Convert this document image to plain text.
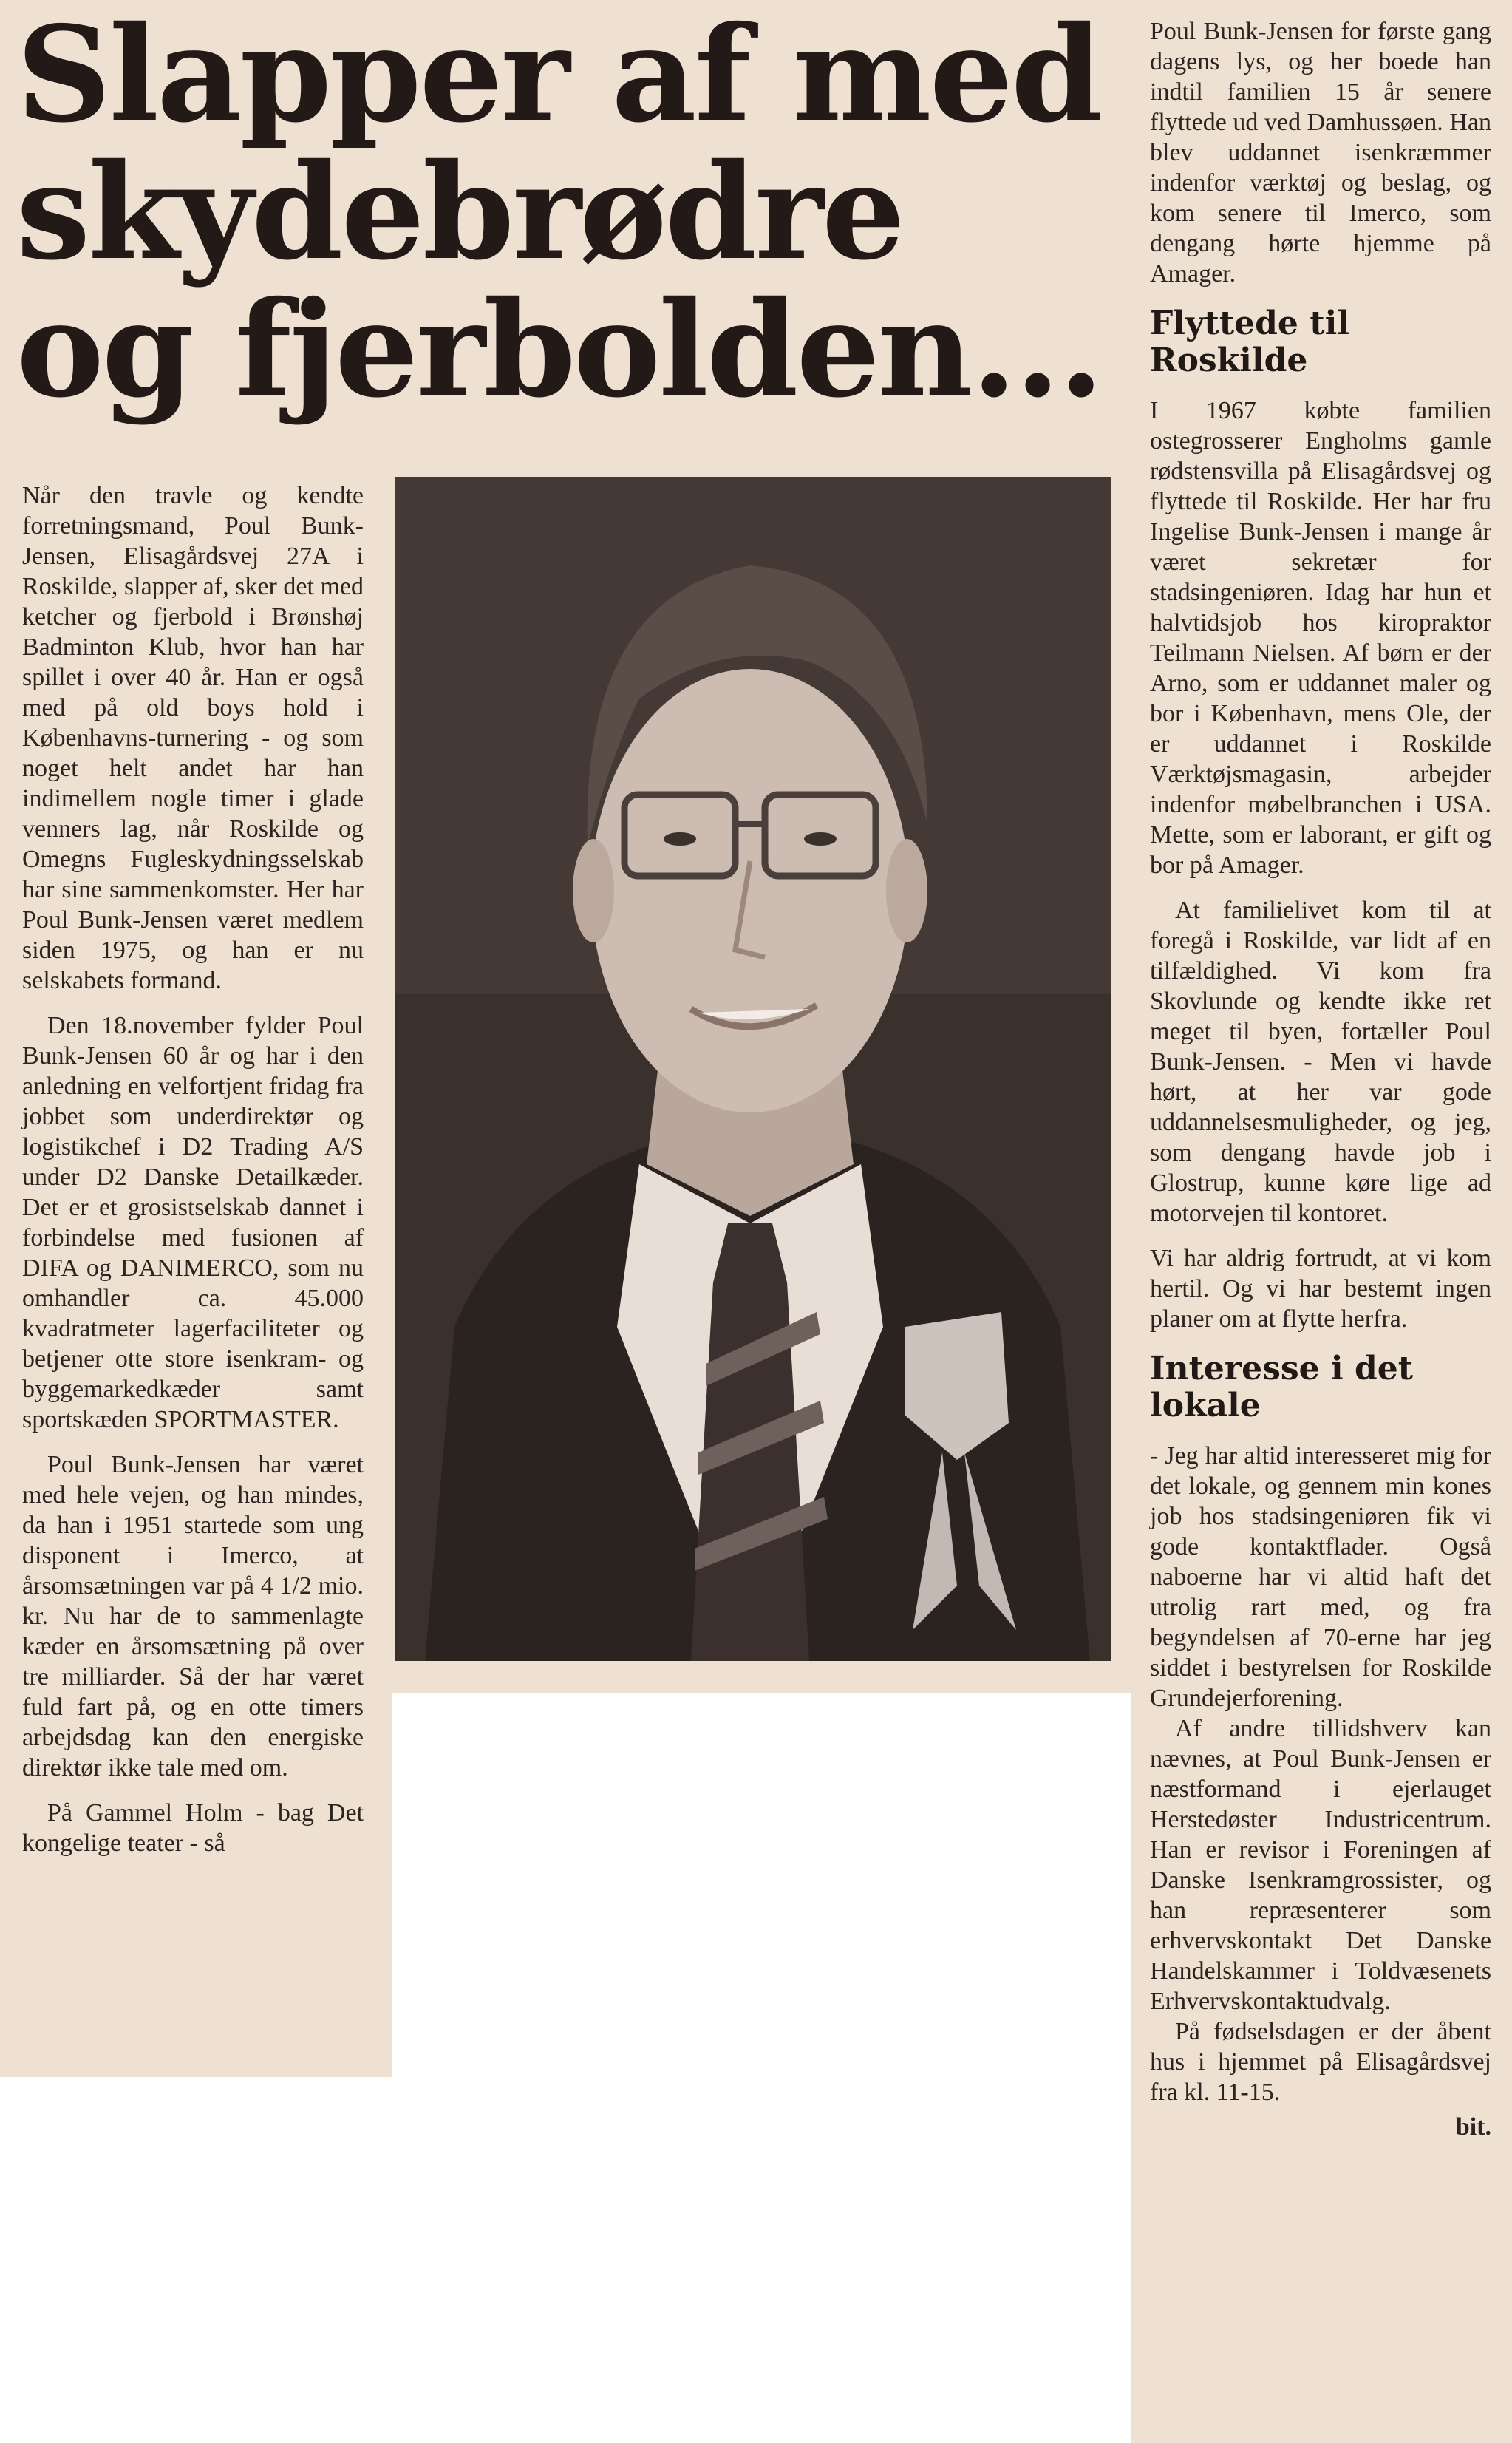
Slapper af med
skydebrødre
og fjerbolden...

Når den travle og kendte forretningsmand, Poul Bunk-Jensen, Elisagårdsvej 27A i Roskilde, slapper af, sker det med ketcher og fjerbold i Brønshøj Badminton Klub, hvor han har spillet i over 40 år. Han er også med på old boys hold i Københavns-turnering - og som noget helt andet har han indimellem nogle timer i glade venners lag, når Roskilde og Omegns Fugleskydningsselskab har sine sammenkomster. Her har Poul Bunk-Jensen været medlem siden 1975, og han er nu selskabets formand.

Den 18.november fylder Poul Bunk-Jensen 60 år og har i den anledning en velfortjent fridag fra jobbet som underdirektør og logistikchef i D2 Trading A/S under D2 Danske Detailkæder. Det er et grosistselskab dannet i forbindelse med fusionen af DIFA og DANIMERCO, som nu omhandler ca. 45.000 kvadratmeter lagerfaciliteter og betjener otte store isenkram- og byggemarkedkæder samt sportskæden SPORTMASTER.

Poul Bunk-Jensen har været med hele vejen, og han mindes, da han i 1951 startede som ung disponent i Imerco, at årsomsætningen var på 4 1/2 mio. kr. Nu har de to sammenlagte kæder en årsomsætning på over tre milliarder. Så der har været fuld fart på, og en otte timers arbejdsdag kan den energiske direktør ikke tale med om.

På Gammel Holm - bag Det kongelige teater - så

Poul Bunk-Jensen for første gang dagens lys, og her boede han indtil familien 15 år senere flyttede ud ved Damhussøen. Han blev uddannet isenkræmmer indenfor værktøj og beslag, og kom senere til Imerco, som dengang hørte hjemme på Amager.

Flyttede til Roskilde

I 1967 købte familien ostegrosserer Engholms gamle rødstensvilla på Elisagårdsvej og flyttede til Roskilde. Her har fru Ingelise Bunk-Jensen i mange år været sekretær for stadsingeniøren. Idag har hun et halvtidsjob hos kiropraktor Teilmann Nielsen. Af børn er der Arno, som er uddannet maler og bor i København, mens Ole, der er uddannet i Roskilde Værktøjsmagasin, arbejder indenfor møbelbranchen i USA. Mette, som er laborant, er gift og bor på Amager.

At familielivet kom til at foregå i Roskilde, var lidt af en tilfældighed. Vi kom fra Skovlunde og kendte ikke ret meget til byen, fortæller Poul Bunk-Jensen. - Men vi havde hørt, at her var gode uddannelsesmuligheder, og jeg, som dengang havde job i Glostrup, kunne køre lige ad motorvejen til kontoret.

Vi har aldrig fortrudt, at vi kom hertil. Og vi har bestemt ingen planer om at flytte herfra.

Interesse i det lokale

- Jeg har altid interesseret mig for det lokale, og gennem min kones job hos stadsingeniøren fik vi gode kontaktflader. Også naboerne har vi altid haft det utrolig rart med, og fra begyndelsen af 70-erne har jeg siddet i bestyrelsen for Roskilde Grundejerforening.

Af andre tillidshverv kan nævnes, at Poul Bunk-Jensen er næstformand i ejerlauget Herstedøster Industricentrum. Han er revisor i Foreningen af Danske Isenkramgrossister, og han repræsenterer som erhvervskontakt Det Danske Handelskammer i Toldvæsenets Erhvervskontaktudvalg.

På fødselsdagen er der åbent hus i hjemmet på Elisagårdsvej fra kl. 11-15.

bit.
